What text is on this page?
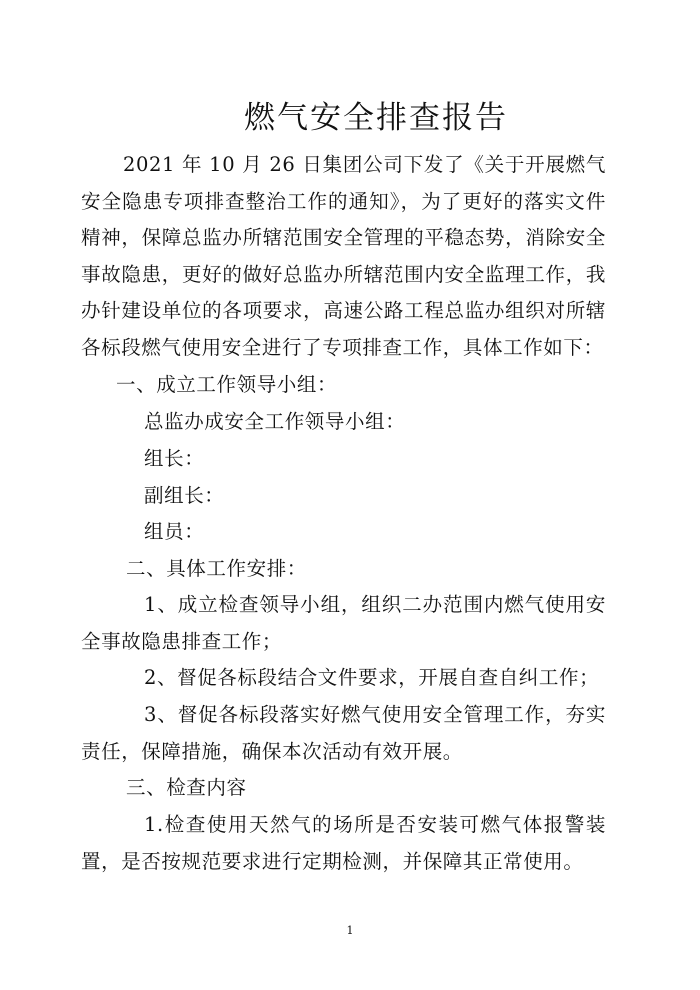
燃气安全排查报告
2021 年 10 月 26 日集团公司下发了《关于开展燃气安全隐患专项排查整治工作的通知》，为了更好的落实文件精神，保障总监办所辖范围安全管理的平稳态势，消除安全事故隐患，更好的做好总监办所辖范围内安全监理工作，我办针建设单位的各项要求，高速公路工程总监办组织对所辖各标段燃气使用安全进行了专项排查工作，具体工作如下：
一、成立工作领导小组：
总监办成安全工作领导小组：
组长：
副组长：
组员：
二、具体工作安排：
1、成立检查领导小组，组织二办范围内燃气使用安全事故隐患排查工作；
2、督促各标段结合文件要求，开展自查自纠工作；
3、督促各标段落实好燃气使用安全管理工作，夯实责任，保障措施，确保本次活动有效开展。
三、检查内容
1.检查使用天然气的场所是否安装可燃气体报警装置，是否按规范要求进行定期检测，并保障其正常使用。
1
